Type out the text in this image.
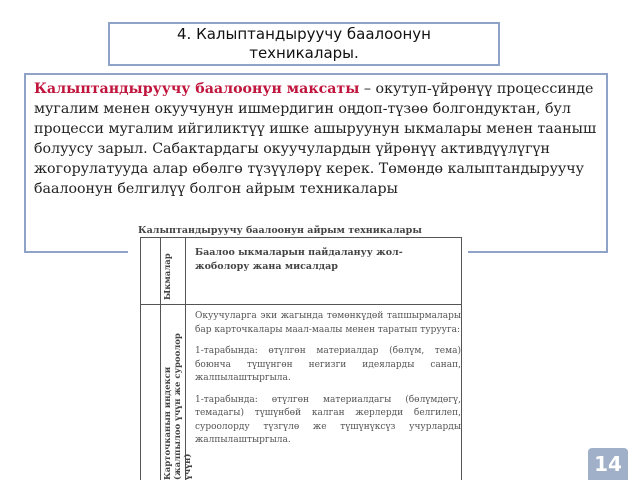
4. Калыптандыруучу баалоонун
техникалары.
Калыптандыруучу баалоонун максаты – окутуп-үйрөнүү процессинде мугалим менен окуучунун ишмердигин оңдоп-түзөө болгондуктан, бул процесси мугалим ийгиликтүү ишке ашыруунун ыкмалары менен тааныш болуусу зарыл. Сабактардагы окуучулардын үйрөнүү активдүүлүгүн жогорулатууда алар өбөлгө түзүүлөрү керек. Төмөндө калыптандыруучу баалоонун белгилүү болгон айрым техникалары
Калыптандыруучу баалоонун айрым техникалары
Ыкмалар
Карточканын индекси (жалпылоо үчүн же суроолор үчүн)
Баалоо ыкмаларын пайдалануу жол-жоболору жана мисалдар

Окуучуларга эки жагында төмөнкүдөй тапшырмалары бар карточкалары маал-маалы менен таратып турууга:

1-тарабында: өтүлгөн материалдар (бөлүм, тема) боюнча түшүнгөн негизги идеяларды санап, жалпылаштыргыла.

1-тарабында: өтүлгөн материалдагы (бөлүмдөгү, темадагы) түшүнбөй калган жерлерди белгилеп, суроолорду түзгүлө же түшүнүксүз учурларды жалпылаштыргыла.

14
